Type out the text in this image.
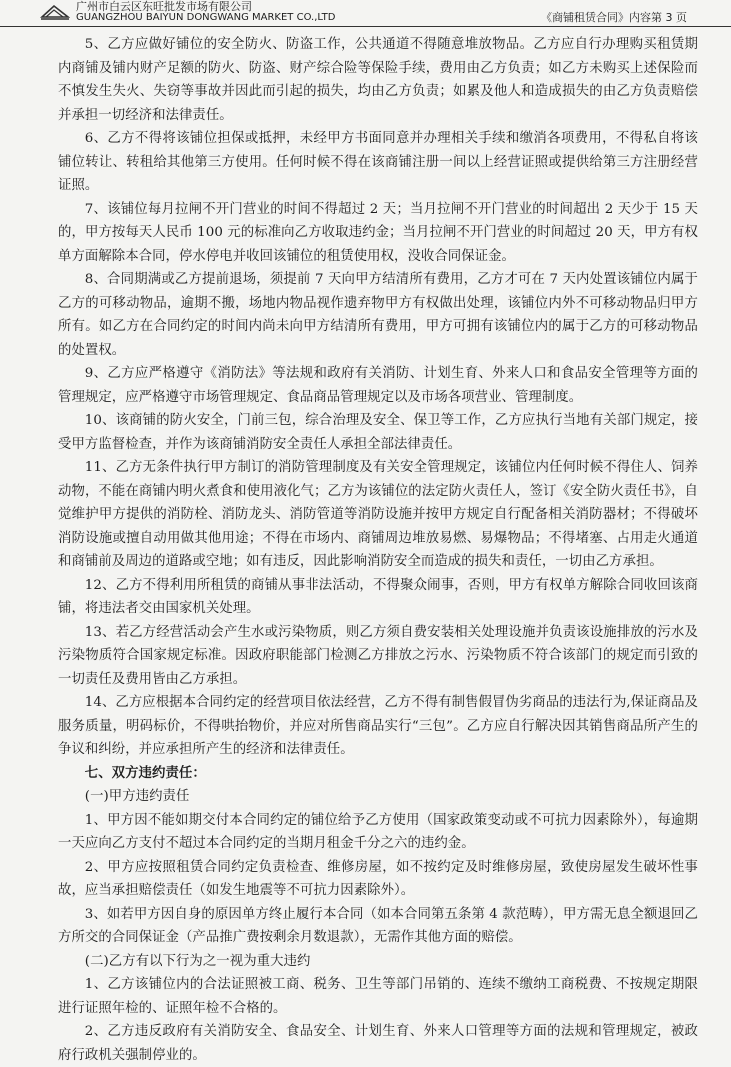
广州市白云区东旺批发市场有限公司
GUANGZHOU BAIYUN DONGWANG MARKET CO.,LTD	《商铺租赁合同》内容第 3 页

5、乙方应做好铺位的安全防火、防盗工作，公共通道不得随意堆放物品。乙方应自行办理购买租赁期内商铺及铺内财产足额的防火、防盗、财产综合险等保险手续，费用由乙方负责；如乙方未购买上述保险而不慎发生失火、失窃等事故并因此而引起的损失，均由乙方负责；如累及他人和造成损失的由乙方负责赔偿并承担一切经济和法律责任。

6、乙方不得将该铺位担保或抵押，未经甲方书面同意并办理相关手续和缴消各项费用，不得私自将该铺位转让、转租给其他第三方使用。任何时候不得在该商铺注册一间以上经营证照或提供给第三方注册经营证照。

7、该铺位每月拉闸不开门营业的时间不得超过 2 天；当月拉闸不开门营业的时间超出 2 天少于 15 天的，甲方按每天人民币 100 元的标准向乙方收取违约金；当月拉闸不开门营业的时间超过 20 天，甲方有权单方面解除本合同，停水停电并收回该铺位的租赁使用权，没收合同保证金。

8、合同期满或乙方提前退场，须提前 7 天向甲方结清所有费用，乙方才可在 7 天内处置该铺位内属于乙方的可移动物品，逾期不搬，场地内物品视作遗弃物甲方有权做出处理，该铺位内外不可移动物品归甲方所有。如乙方在合同约定的时间内尚未向甲方结清所有费用，甲方可拥有该铺位内的属于乙方的可移动物品的处置权。

9、乙方应严格遵守《消防法》等法规和政府有关消防、计划生育、外来人口和食品安全管理等方面的管理规定，应严格遵守市场管理规定、食品商品管理规定以及市场各项营业、管理制度。

10、该商铺的防火安全，门前三包，综合治理及安全、保卫等工作，乙方应执行当地有关部门规定，接受甲方监督检查，并作为该商铺消防安全责任人承担全部法律责任。

11、乙方无条件执行甲方制订的消防管理制度及有关安全管理规定，该铺位内任何时候不得住人、饲养动物，不能在商铺内明火煮食和使用液化气；乙方为该铺位的法定防火责任人，签订《安全防火责任书》，自觉维护甲方提供的消防栓、消防龙头、消防管道等消防设施并按甲方规定自行配备相关消防器材；不得破坏消防设施或擅自动用做其他用途；不得在市场内、商铺周边堆放易燃、易爆物品；不得堵塞、占用走火通道和商铺前及周边的道路或空地；如有违反，因此影响消防安全而造成的损失和责任，一切由乙方承担。

12、乙方不得利用所租赁的商铺从事非法活动，不得聚众闹事，否则，甲方有权单方解除合同收回该商铺，将违法者交由国家机关处理。

13、若乙方经营活动会产生水或污染物质，则乙方须自费安装相关处理设施并负责该设施排放的污水及污染物质符合国家规定标准。因政府职能部门检测乙方排放之污水、污染物质不符合该部门的规定而引致的一切责任及费用皆由乙方承担。

14、乙方应根据本合同约定的经营项目依法经营，乙方不得有制售假冒伪劣商品的违法行为,保证商品及服务质量，明码标价，不得哄抬物价，并应对所售商品实行“三包”。乙方应自行解决因其销售商品所产生的争议和纠纷，并应承担所产生的经济和法律责任。

七、双方违约责任：

(一)甲方违约责任

1、甲方因不能如期交付本合同约定的铺位给予乙方使用（国家政策变动或不可抗力因素除外），每逾期一天应向乙方支付不超过本合同约定的当期月租金千分之六的违约金。

2、甲方应按照租赁合同约定负责检查、维修房屋，如不按约定及时维修房屋，致使房屋发生破坏性事故，应当承担赔偿责任（如发生地震等不可抗力因素除外）。

3、如若甲方因自身的原因单方终止履行本合同（如本合同第五条第 4 款范畴），甲方需无息全额退回乙方所交的合同保证金（产品推广费按剩余月数退款），无需作其他方面的赔偿。

(二)乙方有以下行为之一视为重大违约

1、乙方该铺位内的合法证照被工商、税务、卫生等部门吊销的、连续不缴纳工商税费、不按规定期限进行证照年检的、证照年检不合格的。

2、乙方违反政府有关消防安全、食品安全、计划生育、外来人口管理等方面的法规和管理规定，被政府行政机关强制停业的。
